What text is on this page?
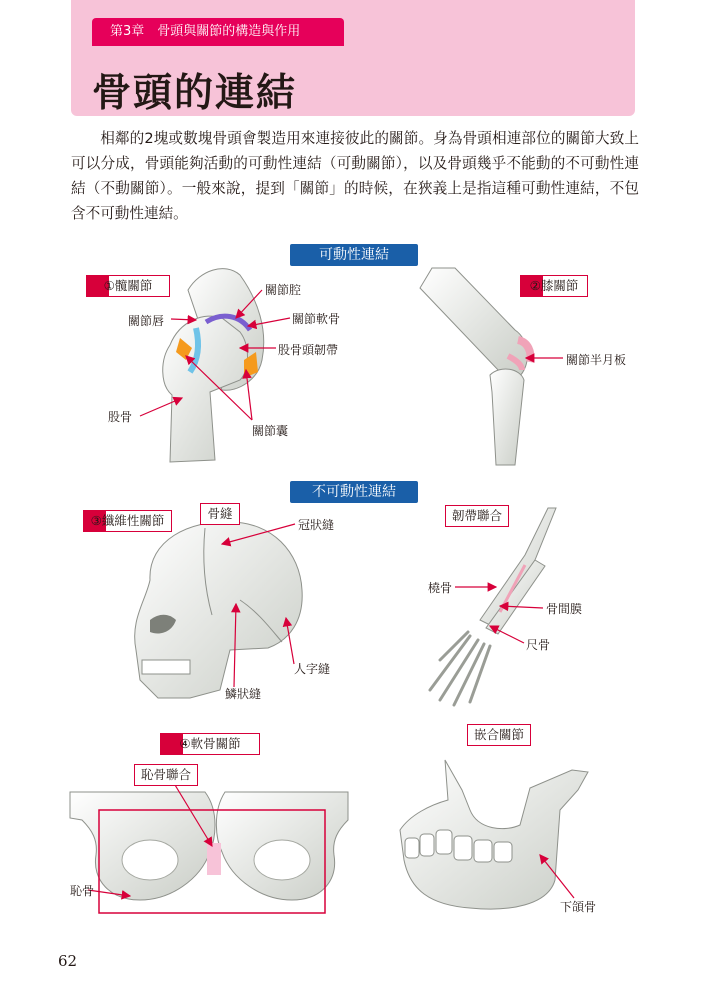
第3章　骨頭與關節的構造與作用
骨頭的連結

相鄰的2塊或數塊骨頭會製造用來連接彼此的關節。身為骨頭相連部位的關節大致上可以分成，骨頭能夠活動的可動性連結（可動關節），以及骨頭幾乎不能動的不可動性連結（不動關節）。一般來說，提到「關節」的時候，在狹義上是指這種可動性連結，不包含不可動性連結。

可動性連結
不可動性連結
①髖關節	關節腔
關節唇	關節軟骨
股骨頭韌帶
股骨
關節囊
②膝關節
關節半月板
③纖維性關節	骨縫
冠狀縫
人字縫
鱗狀縫
韌帶聯合
橈骨
骨間膜
尺骨
④軟骨關節
恥骨聯合
恥骨
嵌合關節
下頜骨
62
